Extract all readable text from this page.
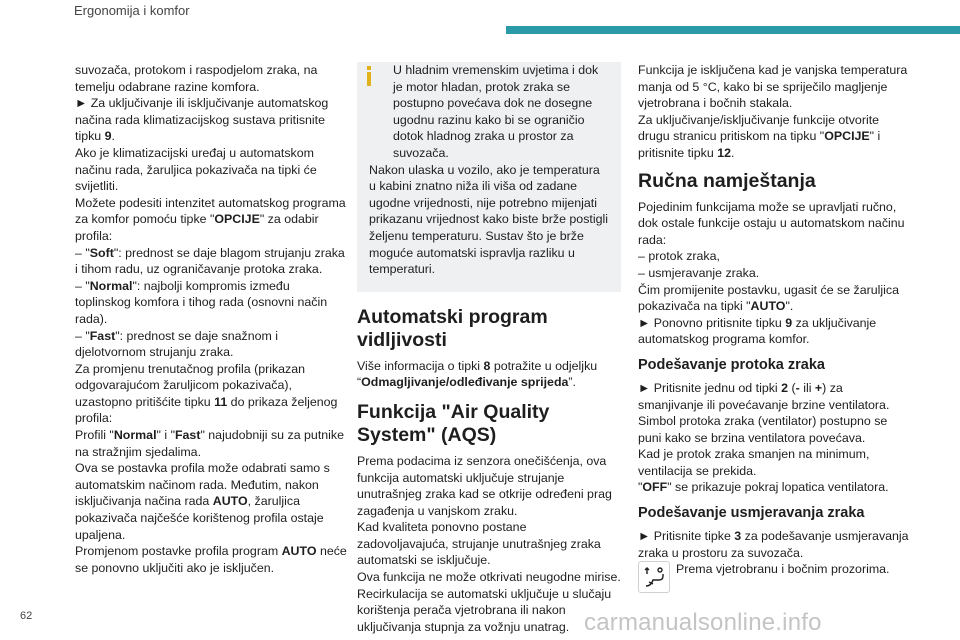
Ergonomija i komfor

suvozača, protokom i raspodjelom zraka, na temelju odabrane razine komfora.

► Za uključivanje ili isključivanje automatskog načina rada klimatizacijskog sustava pritisnite tipku 9.

Ako je klimatizacijski uređaj u automatskom načinu rada, žaruljica pokazivača na tipki će svijetliti.

Možete podesiti intenzitet automatskog programa za komfor pomoću tipke "OPCIJE" za odabir profila:

– "Soft": prednost se daje blagom strujanju zraka i tihom radu, uz ograničavanje protoka zraka.

– "Normal": najbolji kompromis između toplinskog komfora i tihog rada (osnovni način rada).

– "Fast": prednost se daje snažnom i djelotvornom strujanju zraka.

Za promjenu trenutačnog profila (prikazan odgovarajućom žaruljicom pokazivača), uzastopno pritišćite tipku 11 do prikaza željenog profila:

Profili "Normal" i "Fast" najudobniji su za putnike na stražnjim sjedalima.

Ova se postavka profila može odabrati samo s automatskim načinom rada. Međutim, nakon isključivanja načina rada AUTO, žaruljica pokazivača najčešće korištenog profila ostaje upaljena.

Promjenom postavke profila program AUTO neće se ponovno uključiti ako je isključen.

U hladnim vremenskim uvjetima i dok je motor hladan, protok zraka se postupno povećava dok ne dosegne ugodnu razinu kako bi se ograničio dotok hladnog zraka u prostor za suvozača.

Nakon ulaska u vozilo, ako je temperatura u kabini znatno niža ili viša od zadane ugodne vrijednosti, nije potrebno mijenjati prikazanu vrijednost kako biste brže postigli željenu temperaturu. Sustav što je brže moguće automatski ispravlja razliku u temperaturi.

Automatski program vidljivosti

Više informacija o tipki 8 potražite u odjeljku “Odmagljivanje/odleđivanje sprijeda”.

Funkcija "Air Quality System" (AQS)

Prema podacima iz senzora onečišćenja, ova funkcija automatski uključuje strujanje unutrašnjeg zraka kad se otkrije određeni prag zagađenja u vanjskom zraku.

Kad kvaliteta ponovno postane zadovoljavajuća, strujanje unutrašnjeg zraka automatski se isključuje.

Ova funkcija ne može otkrivati neugodne mirise.

Recirkulacija se automatski uključuje u slučaju korištenja perača vjetrobrana ili nakon uključivanja stupnja za vožnju unatrag.

Funkcija je isključena kad je vanjska temperatura manja od 5 °C, kako bi se spriječilo magljenje vjetrobrana i bočnih stakala.

Za uključivanje/isključivanje funkcije otvorite drugu stranicu pritiskom na tipku "OPCIJE" i pritisnite tipku 12.

Ručna namještanja

Pojedinim funkcijama može se upravljati ručno, dok ostale funkcije ostaju u automatskom načinu rada:

– protok zraka,

– usmjeravanje zraka.

Čim promijenite postavku, ugasit će se žaruljica pokazivača na tipki "AUTO".

► Ponovno pritisnite tipku 9 za uključivanje automatskog programa komfor.

Podešavanje protoka zraka

► Pritisnite jednu od tipki 2 (- ili +) za smanjivanje ili povećavanje brzine ventilatora.

Simbol protoka zraka (ventilator) postupno se puni kako se brzina ventilatora povećava.

Kad je protok zraka smanjen na minimum, ventilacija se prekida.

"OFF" se prikazuje pokraj lopatica ventilatora.

Podešavanje usmjeravanja zraka

► Pritisnite tipke 3 za podešavanje usmjeravanja zraka u prostoru za suvozača.

Prema vjetrobranu i bočnim prozorima.

62	carmanualsonline.info
